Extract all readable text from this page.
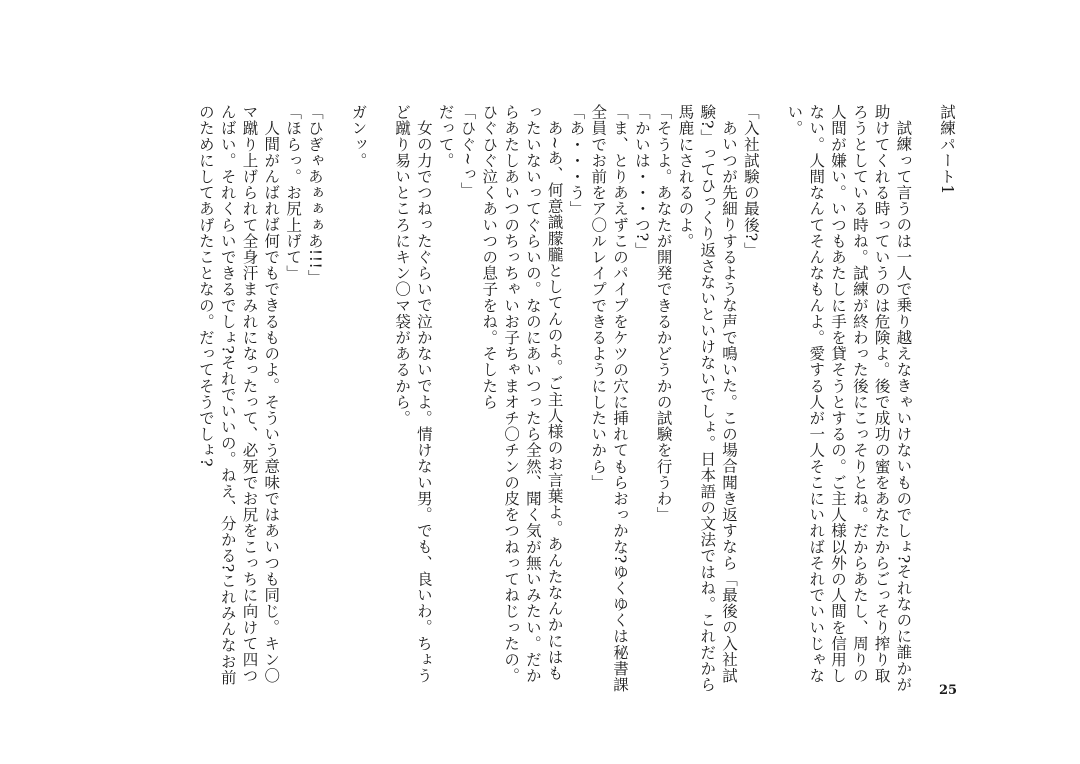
試練パート1

試練って言うのは一人で乗り越えなきゃいけないものでしょ?それなのに誰かが助けてくれる時っていうのは危険よ。後で成功の蜜をあなたからごっそり搾り取ろうとしている時ね。試練が終わった後にこっそりとね。だからあたし、周りの人間が嫌い。いつもあたしに手を貸そうとするの。ご主人様以外の人間を信用しない。人間なんてそんなもんよ。愛する人が一人そこにいればそれでいいじゃない。

「入社試験の最後?」

あいつが先細りするような声で鳴いた。この場合聞き返すなら「最後の入社試験?」ってひっくり返さないといけないでしょ。日本語の文法ではね。これだから馬鹿にされるのよ。

「そうよ。あなたが開発できるかどうかの試験を行うわ」

「かいは・・・つ?」

「ま、とりあえずこのパイプをケツの穴に挿れてもらおっかな?ゆくゆくは秘書課全員でお前をア〇ルレイプできるようにしたいから」

「あ・・・う」

あ~あ、何意識朦朧としてんのよ。ご主人様のお言葉よ。あんたなんかにはもったいないってぐらいの。なのにあいつったら全然、聞く気が無いみたい。だからあたしあいつのちっちゃいお子ちゃまオチ〇チンの皮をつねってねじったの。ひぐひぐ泣くあいつの息子をね。そしたら

「ひぐ~っ」

だって。

女の力でつねったぐらいで泣かないでよ。情けない男。でも、良いわ。ちょうど蹴り易いところにキン〇マ袋があるから。

ガンッ。

「ひぎゃあぁぁぁあ!!!」

「ほらっ。お尻上げて」

人間がんばれば何でもできるものよ。そういう意味ではあいつも同じ。キン〇マ蹴り上げられて全身汗まみれになったって、必死でお尻をこっちに向けて四つんばい。それくらいできるでしょ?それでいいの。ねえ、分かる?これみんなお前のためにしてあげたことなの。だってそうでしょ?

25
